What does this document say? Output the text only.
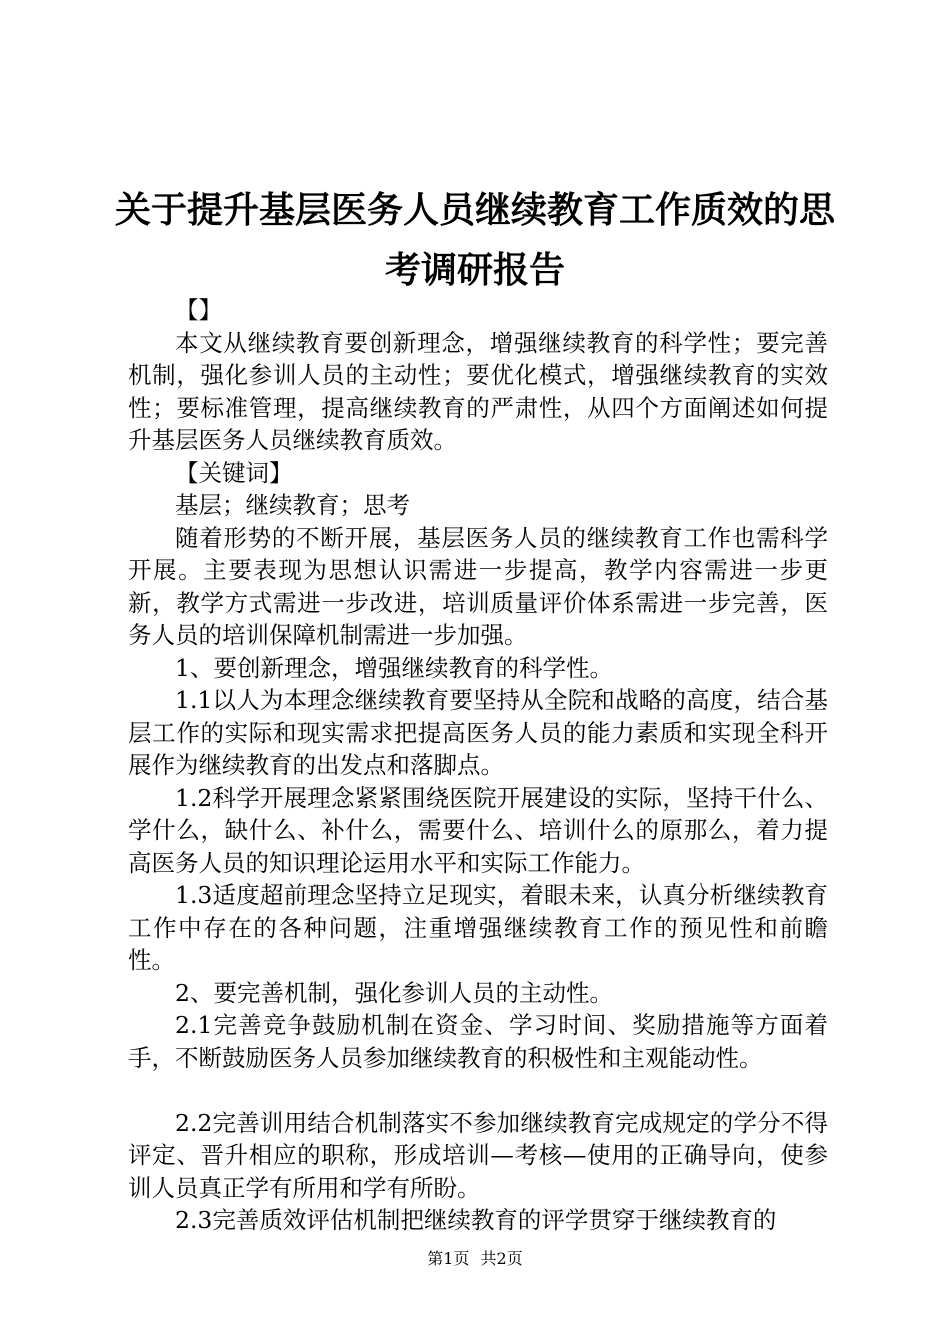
关于提升基层医务人员继续教育工作质效的思
考调研报告

【】

本文从继续教育要创新理念，增强继续教育的科学性；要完善机制，强化参训人员的主动性；要优化模式，增强继续教育的实效性；要标准管理，提高继续教育的严肃性，从四个方面阐述如何提升基层医务人员继续教育质效。

【关键词】

基层；继续教育；思考

随着形势的不断开展，基层医务人员的继续教育工作也需科学开展。主要表现为思想认识需进一步提高，教学内容需进一步更新，教学方式需进一步改进，培训质量评价体系需进一步完善，医务人员的培训保障机制需进一步加强。

1、要创新理念，增强继续教育的科学性。

1.1以人为本理念继续教育要坚持从全院和战略的高度，结合基层工作的实际和现实需求把提高医务人员的能力素质和实现全科开展作为继续教育的出发点和落脚点。

1.2科学开展理念紧紧围绕医院开展建设的实际，坚持干什么、学什么，缺什么、补什么，需要什么、培训什么的原那么，着力提高医务人员的知识理论运用水平和实际工作能力。

1.3适度超前理念坚持立足现实，着眼未来，认真分析继续教育工作中存在的各种问题，注重增强继续教育工作的预见性和前瞻性。

2、要完善机制，强化参训人员的主动性。

2.1完善竞争鼓励机制在资金、学习时间、奖励措施等方面着手，不断鼓励医务人员参加继续教育的积极性和主观能动性。

2.2完善训用结合机制落实不参加继续教育完成规定的学分不得评定、晋升相应的职称，形成培训—考核—使用的正确导向，使参训人员真正学有所用和学有所盼。

2.3完善质效评估机制把继续教育的评学贯穿于继续教育的

第1页 共2页
